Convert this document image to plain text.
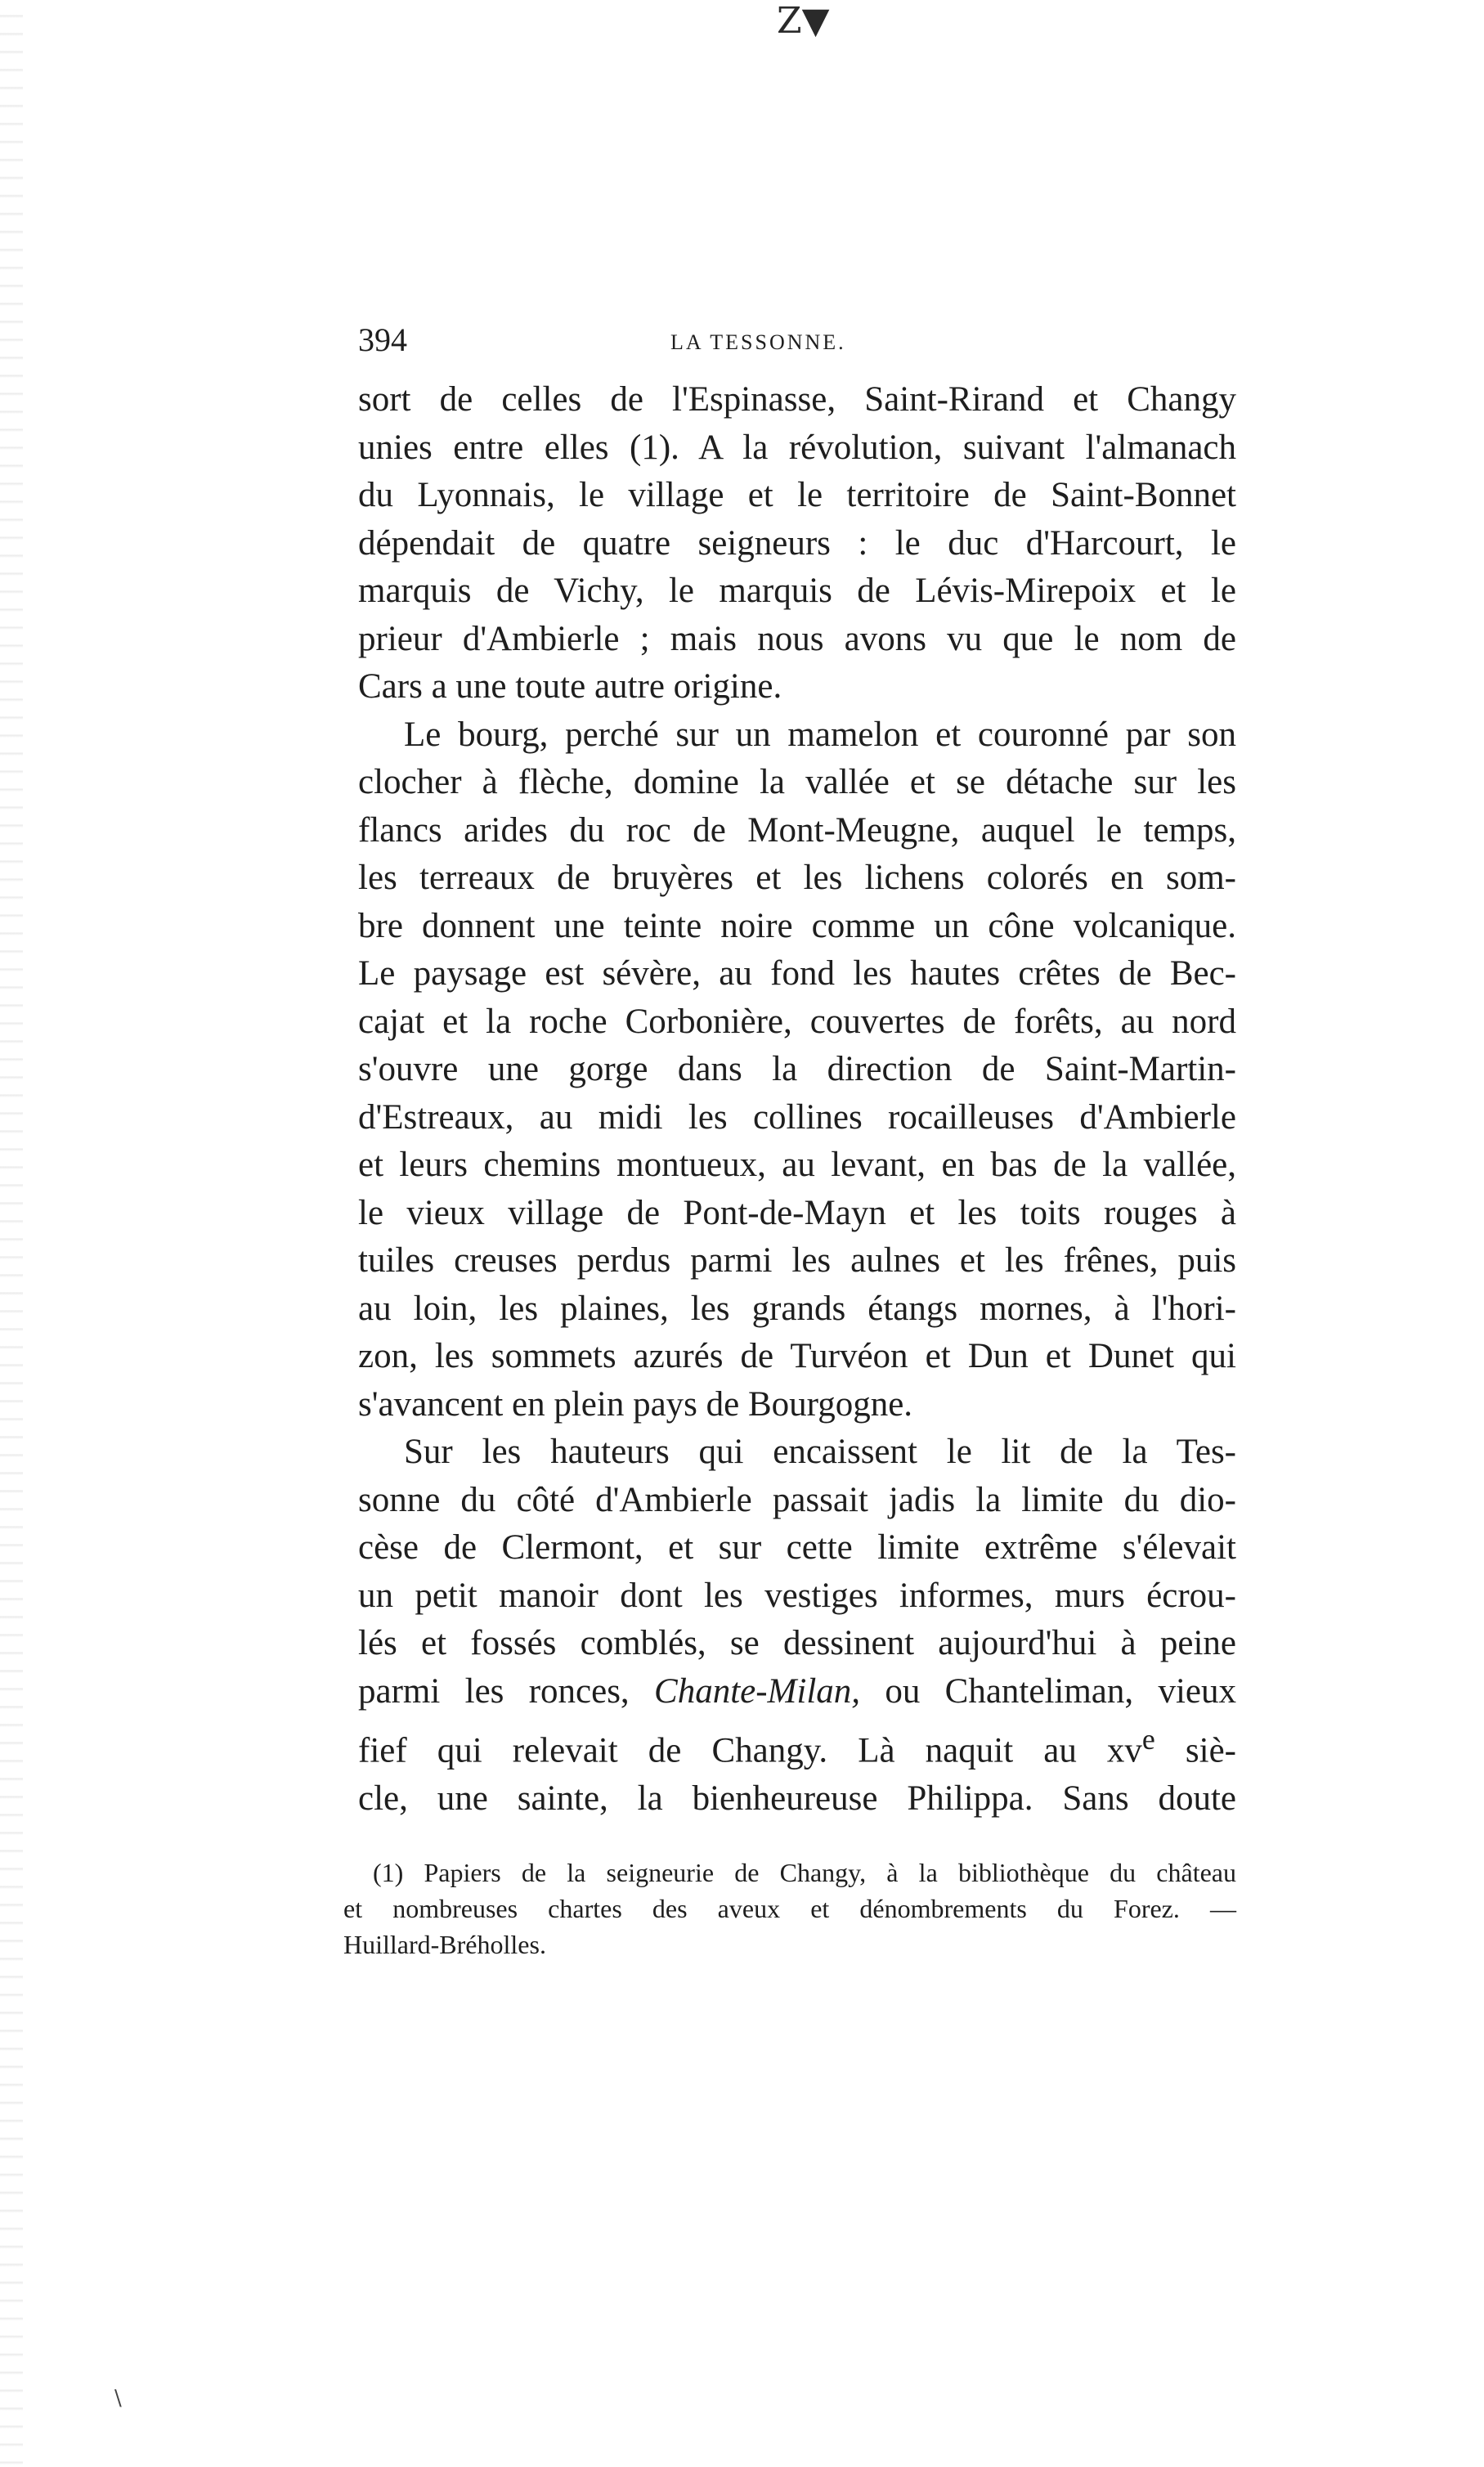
Z▼
394	LA TESSONNE.
sort de celles de l'Espinasse, Saint-Rirand et Changy
unies entre elles (1). A la révolution, suivant l'almanach
du Lyonnais, le village et le territoire de Saint-Bonnet
dépendait de quatre seigneurs : le duc d'Harcourt, le
marquis de Vichy, le marquis de Lévis-Mirepoix et le
prieur d'Ambierle ; mais nous avons vu que le nom de
Cars a une toute autre origine.
Le bourg, perché sur un mamelon et couronné par son
clocher à flèche, domine la vallée et se détache sur les
flancs arides du roc de Mont-Meugne, auquel le temps,
les terreaux de bruyères et les lichens colorés en som-
bre donnent une teinte noire comme un cône volcanique.
Le paysage est sévère, au fond les hautes crêtes de Bec-
cajat et la roche Corbonière, couvertes de forêts, au nord
s'ouvre une gorge dans la direction de Saint-Martin-
d'Estreaux, au midi les collines rocailleuses d'Ambierle
et leurs chemins montueux, au levant, en bas de la vallée,
le vieux village de Pont-de-Mayn et les toits rouges à
tuiles creuses perdus parmi les aulnes et les frênes, puis
au loin, les plaines, les grands étangs mornes, à l'hori-
zon, les sommets azurés de Turvéon et Dun et Dunet qui
s'avancent en plein pays de Bourgogne.
Sur les hauteurs qui encaissent le lit de la Tes-
sonne du côté d'Ambierle passait jadis la limite du dio-
cèse de Clermont, et sur cette limite extrême s'élevait
un petit manoir dont les vestiges informes, murs écrou-
lés et fossés comblés, se dessinent aujourd'hui à peine
parmi les ronces, Chante-Milan, ou Chanteliman, vieux
fief qui relevait de Changy. Là naquit au $xv^e$ siè-
cle, une sainte, la bienheureuse Philippa. Sans doute
(1) Papiers de la seigneurie de Changy, à la bibliothèque du château
et nombreuses chartes des aveux et dénombrements du Forez. —
Huillard-Bréholles.
\
